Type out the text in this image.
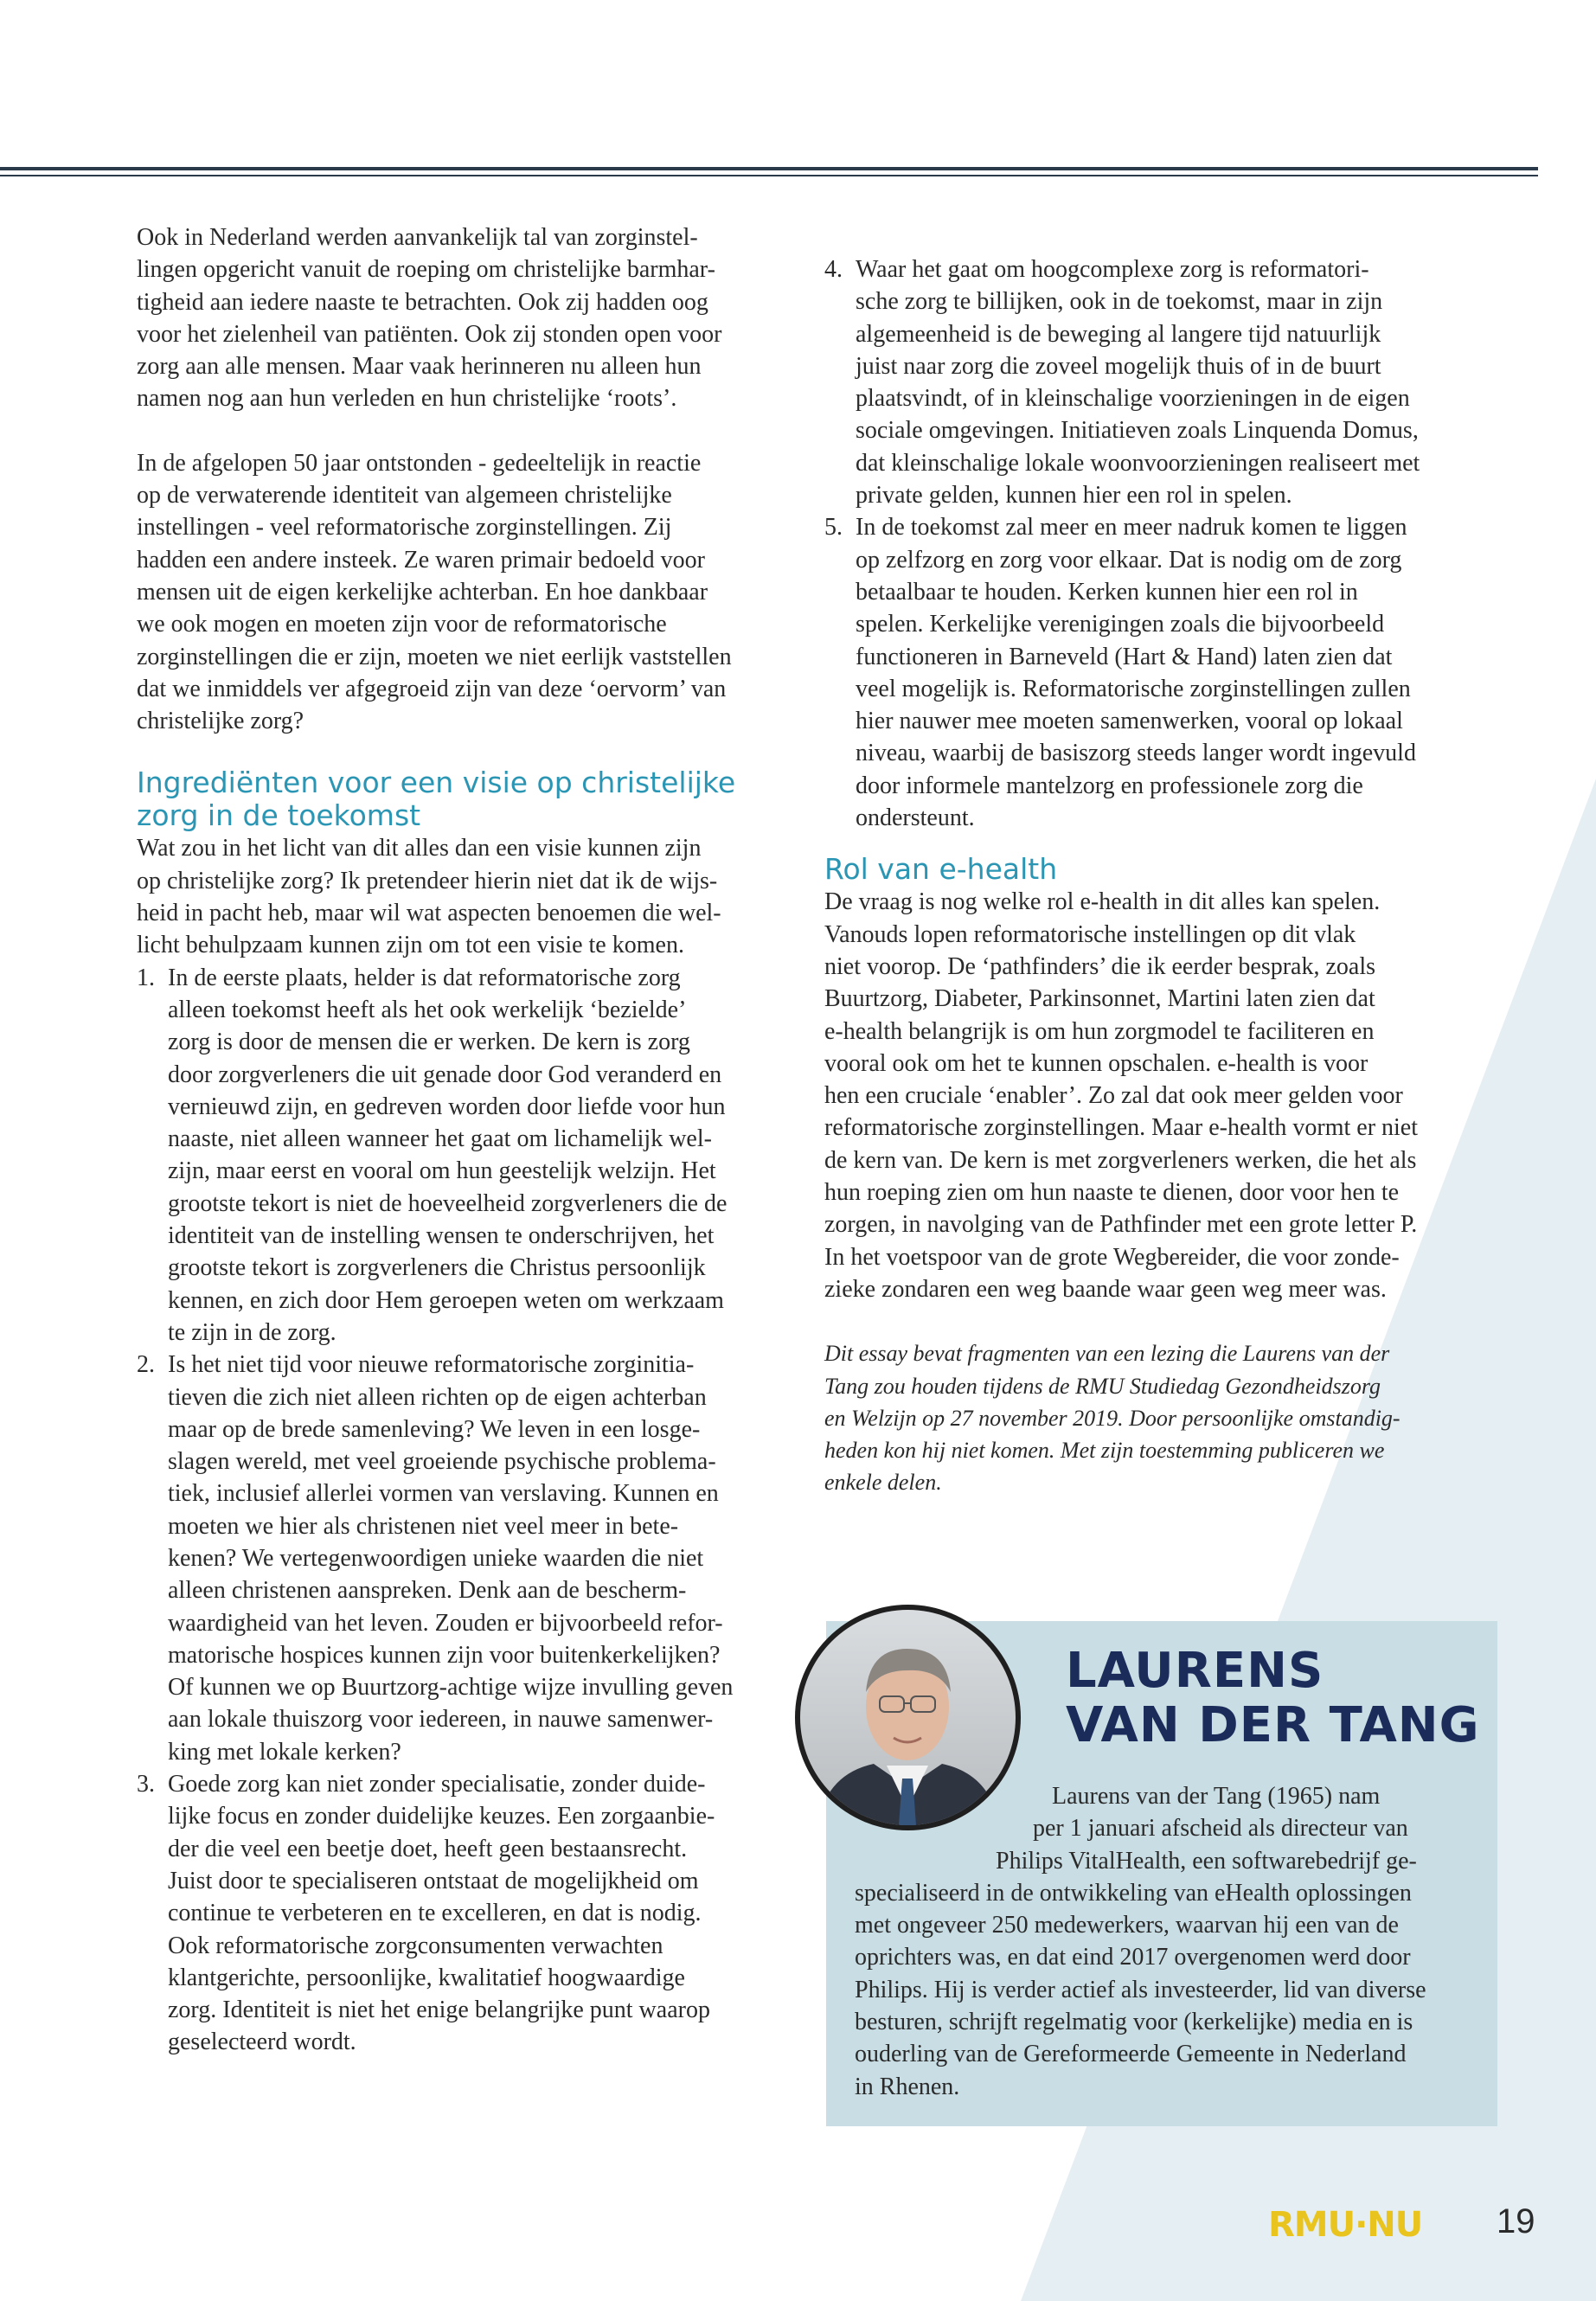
Ook in Nederland werden aanvankelijk tal van zorginstel-

lingen opgericht vanuit de roeping om christelijke barmhar-

tigheid aan iedere naaste te betrachten. Ook zij hadden oog

voor het zielenheil van patiënten. Ook zij stonden open voor

zorg aan alle mensen. Maar vaak herinneren nu alleen hun

namen nog aan hun verleden en hun christelijke ‘roots’.

In de afgelopen 50 jaar ontstonden - gedeeltelijk in reactie

op de verwaterende identiteit van algemeen christelijke

instellingen - veel reformatorische zorginstellingen. Zij

hadden een andere insteek. Ze waren primair bedoeld voor

mensen uit de eigen kerkelijke achterban. En hoe dankbaar

we ook mogen en moeten zijn voor de reformatorische

zorginstellingen die er zijn, moeten we niet eerlijk vaststellen

dat we inmiddels ver afgegroeid zijn van deze ‘oervorm’ van

christelijke zorg?

Ingrediënten voor een visie op christelijke

zorg in de toekomst

Wat zou in het licht van dit alles dan een visie kunnen zijn

op christelijke zorg? Ik pretendeer hierin niet dat ik de wijs-

heid in pacht heb, maar wil wat aspecten benoemen die wel-

licht behulpzaam kunnen zijn om tot een visie te komen.

1. In de eerste plaats, helder is dat reformatorische zorg

alleen toekomst heeft als het ook werkelijk ‘bezielde’

zorg is door de mensen die er werken. De kern is zorg

door zorgverleners die uit genade door God veranderd en

vernieuwd zijn, en gedreven worden door liefde voor hun

naaste, niet alleen wanneer het gaat om lichamelijk wel-

zijn, maar eerst en vooral om hun geestelijk welzijn. Het

grootste tekort is niet de hoeveelheid zorgverleners die de

identiteit van de instelling wensen te onderschrijven, het

grootste tekort is zorgverleners die Christus persoonlijk

kennen, en zich door Hem geroepen weten om werkzaam

te zijn in de zorg.

2. Is het niet tijd voor nieuwe reformatorische zorginitia-

tieven die zich niet alleen richten op de eigen achterban

maar op de brede samenleving? We leven in een losge-

slagen wereld, met veel groeiende psychische problema-

tiek, inclusief allerlei vormen van verslaving. Kunnen en

moeten we hier als christenen niet veel meer in bete-

kenen? We vertegenwoordigen unieke waarden die niet

alleen christenen aanspreken. Denk aan de bescherm-

waardigheid van het leven. Zouden er bijvoorbeeld refor-

matorische hospices kunnen zijn voor buitenkerkelijken?

Of kunnen we op Buurtzorg-achtige wijze invulling geven

aan lokale thuiszorg voor iedereen, in nauwe samenwer-

king met lokale kerken?

3. Goede zorg kan niet zonder specialisatie, zonder duide-

lijke focus en zonder duidelijke keuzes. Een zorgaanbie-

der die veel een beetje doet, heeft geen bestaansrecht.

Juist door te specialiseren ontstaat de mogelijkheid om

continue te verbeteren en te excelleren, en dat is nodig.

Ook reformatorische zorgconsumenten verwachten

klantgerichte, persoonlijke, kwalitatief hoogwaardige

zorg. Identiteit is niet het enige belangrijke punt waarop

geselecteerd wordt.

4. Waar het gaat om hoogcomplexe zorg is reformatori-

sche zorg te billijken, ook in de toekomst, maar in zijn

algemeenheid is de beweging al langere tijd natuurlijk

juist naar zorg die zoveel mogelijk thuis of in de buurt

plaatsvindt, of in kleinschalige voorzieningen in de eigen

sociale omgevingen. Initiatieven zoals Linquenda Domus,

dat kleinschalige lokale woonvoorzieningen realiseert met

private gelden, kunnen hier een rol in spelen.

5. In de toekomst zal meer en meer nadruk komen te liggen

op zelfzorg en zorg voor elkaar. Dat is nodig om de zorg

betaalbaar te houden. Kerken kunnen hier een rol in

spelen. Kerkelijke verenigingen zoals die bijvoorbeeld

functioneren in Barneveld (Hart & Hand) laten zien dat

veel mogelijk is. Reformatorische zorginstellingen zullen

hier nauwer mee moeten samenwerken, vooral op lokaal

niveau, waarbij de basiszorg steeds langer wordt ingevuld

door informele mantelzorg en professionele zorg die

ondersteunt.

Rol van e-health

De vraag is nog welke rol e-health in dit alles kan spelen.

Vanouds lopen reformatorische instellingen op dit vlak

niet voorop. De ‘pathfinders’ die ik eerder besprak, zoals

Buurtzorg, Diabeter, Parkinsonnet, Martini laten zien dat

e-health belangrijk is om hun zorgmodel te faciliteren en

vooral ook om het te kunnen opschalen. e-health is voor

hen een cruciale ‘enabler’. Zo zal dat ook meer gelden voor

reformatorische zorginstellingen. Maar e-health vormt er niet

de kern van. De kern is met zorgverleners werken, die het als

hun roeping zien om hun naaste te dienen, door voor hen te

zorgen, in navolging van de Pathfinder met een grote letter P.

In het voetspoor van de grote Wegbereider, die voor zonde-

zieke zondaren een weg baande waar geen weg meer was.

Dit essay bevat fragmenten van een lezing die Laurens van der

Tang zou houden tijdens de RMU Studiedag Gezondheidszorg

en Welzijn op 27 november 2019. Door persoonlijke omstandig-

heden kon hij niet komen. Met zijn toestemming publiceren we

enkele delen.

LAURENS
VAN DER TANG

Laurens van der Tang (1965) nam

per 1 januari afscheid als directeur van

Philips VitalHealth, een softwarebedrijf ge-

specialiseerd in de ontwikkeling van eHealth oplossingen

met ongeveer 250 medewerkers, waarvan hij een van de

oprichters was, en dat eind 2017 overgenomen werd door

Philips. Hij is verder actief als investeerder, lid van diverse

besturen, schrijft regelmatig voor (kerkelijke) media en is

ouderling van de Gereformeerde Gemeente in Nederland

in Rhenen.

RMU·NU 19
